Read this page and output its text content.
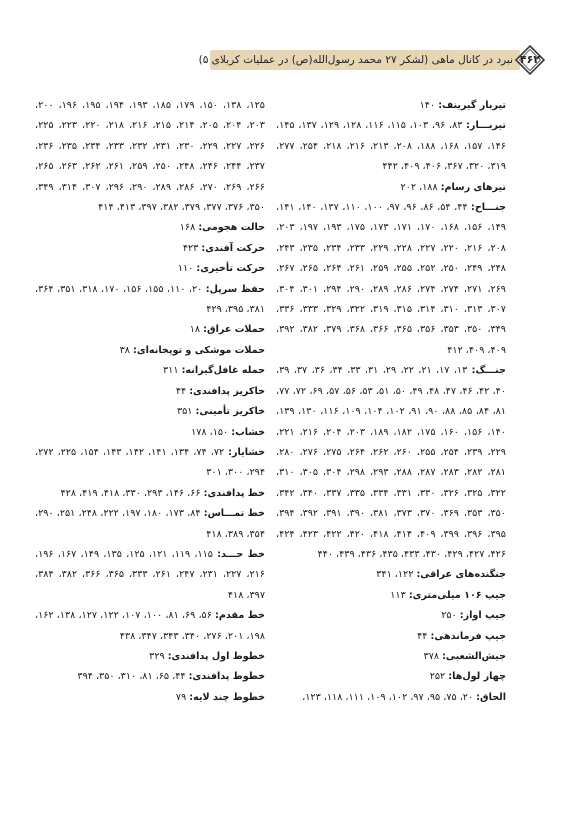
نبرد در کانال ماهی (لشکر ۲۷ محمد رسول‌الله(ص) در عملیات کربلای ۵) ۴۶۲
تیربار گیرینف: ۱۴۰
تیربـــار: ۸۳، ۹۶، ۱۰۳، ۱۱۵، ۱۱۶، ۱۲۸، ۱۲۹، ۱۳۷، ۱۴۵، ۱۴۶، ۱۵۷، ۱۶۸، ۱۸۸، ۲۰۸، ۲۱۳، ۲۱۶، ۲۱۸، ۲۵۴، ۲۷۷، ۳۱۹، ۳۲۰، ۳۶۷، ۴۰۶، ۴۰۹، ۴۴۲
تیرهای رسام: ۱۸۸، ۲۰۲
جنـــاح: ۴۴، ۵۴، ۸۶، ۹۶، ۹۷، ۱۰۰، ۱۱۰، ۱۳۷، ۱۴۰، ۱۴۱، ۱۴۹، ۱۵۶، ۱۶۸، ۱۷۰، ۱۷۱، ۱۷۳، ۱۷۵، ۱۹۳، ۱۹۷، ۲۰۳، ۲۰۸، ۲۱۶، ۲۲۰، ۲۲۷، ۲۲۸، ۲۲۹، ۲۳۳، ۲۳۴، ۲۳۵، ۲۴۳، ۲۴۸، ۲۴۹، ۲۵۰، ۲۵۲، ۲۵۵، ۲۵۹، ۲۶۱، ۲۶۴، ۲۶۵، ۲۶۷، ۲۶۹، ۲۷۱، ۲۷۴، ۲۷۴، ۲۸۶، ۲۸۹، ۲۹۰، ۲۹۴، ۳۰۱، ۳۰۴، ۳۰۷، ۳۱۳، ۳۱۰، ۳۱۴، ۳۱۵، ۳۱۹، ۳۲۲، ۳۲۹، ۳۳۳، ۳۳۶، ۳۴۹، ۳۵۰، ۳۵۳، ۳۵۶، ۳۶۵، ۳۶۶، ۳۶۸، ۳۷۹، ۳۸۲، ۳۹۲، ۴۰۹، ۴۰۹، ۴۱۲
جنـــگ: ۱۳، ۱۷، ۲۱، ۲۲، ۲۹، ۳۱، ۳۳، ۳۴، ۳۶، ۳۷، ۳۹، ۴۰، ۴۲، ۴۶، ۴۷، ۴۸، ۴۹، ۵۰، ۵۱، ۵۳، ۵۶، ۵۷، ۶۹، ۷۲، ۷۷، ۸۱، ۸۴، ۸۵، ۸۸، ۹۰، ۹۱، ۱۰۲، ۱۰۴، ۱۰۹، ۱۱۶، ۱۳۰، ۱۳۹، ۱۴۰، ۱۵۶، ۱۶۰، ۱۷۵، ۱۸۲، ۱۸۹، ۲۰۳، ۲۰۴، ۲۱۶، ۲۲۱، ۲۲۹، ۲۳۹، ۲۵۴، ۲۵۵، ۲۶۰، ۲۶۲، ۲۶۴، ۲۷۵، ۲۷۶، ۲۸۰، ۲۸۱، ۲۸۲، ۲۸۳، ۲۸۷، ۲۸۸، ۲۹۳، ۲۹۸، ۳۰۴، ۳۰۵، ۳۱۰، ۳۲۲، ۳۲۵، ۳۲۶، ۳۳۰، ۳۳۱، ۳۳۴، ۳۳۵، ۳۳۷، ۳۴۰، ۳۴۲، ۳۵۰، ۳۵۳، ۳۶۹، ۳۷۰، ۳۷۳، ۳۸۱، ۳۹۰، ۳۹۱، ۳۹۲، ۳۹۴، ۳۹۵، ۳۹۶، ۳۹۹، ۴۰۹، ۴۱۴، ۴۱۸، ۴۲۰، ۴۲۲، ۴۲۳، ۴۲۴، ۴۲۶، ۴۲۷، ۴۲۹، ۴۳۰، ۴۳۳، ۴۳۵، ۴۳۶، ۴۳۹، ۴۴۰
جنگنده‌های عراقی: ۱۲۲، ۳۴۱
جیپ ۱۰۶ میلی‌متری: ۱۱۳
جیپ اواز: ۲۵۰
جیپ فرماندهی: ۴۴
جیش‌الشعبی: ۳۷۸
چهار لول‌ها: ۲۵۲
الحاق: ۲۰، ۷۵، ۹۵، ۹۷، ۱۰۲، ۱۰۹، ۱۱۱، ۱۱۸، ۱۲۳،
۱۲۵، ۱۳۸، ۱۵۰، ۱۷۹، ۱۸۵، ۱۹۳، ۱۹۴، ۱۹۵، ۱۹۶، ۲۰۰، ۲۰۳، ۲۰۴، ۲۰۵، ۲۱۴، ۲۱۵، ۲۱۶، ۲۱۸، ۲۲۰، ۲۲۳، ۲۲۵، ۲۲۶، ۲۲۷، ۲۲۹، ۲۳۰، ۲۳۱، ۲۳۲، ۲۳۳، ۲۳۴، ۲۳۵، ۲۳۶، ۲۳۷، ۲۴۴، ۲۴۶، ۲۴۸، ۲۵۰، ۲۵۹، ۲۶۱، ۲۶۲، ۲۶۳، ۲۶۵، ۲۶۶، ۲۶۹، ۲۷۰، ۲۸۶، ۲۸۹، ۲۹۰، ۲۹۶، ۳۰۷، ۳۱۴، ۳۴۹، ۳۵۰، ۳۷۶، ۳۷۷، ۳۷۹، ۳۸۲، ۳۹۷، ۴۱۳، ۴۱۴
حالت هجومی: ۱۶۸
حرکت آفندی: ۴۲۳
حرکت تأخیری: ۱۱۰
حفظ سرپل: ۲۰، ۱۱۰، ۱۵۵، ۱۵۶، ۱۷۰، ۳۱۸، ۳۵۱، ۳۶۴، ۳۸۱، ۳۹۵، ۴۲۹
حملات عراق: ۱۸
حملات موشکی و توپخانه‌ای: ۳۸
حمله غافل‌گیرانه: ۳۱۱
خاکریز پدافندی: ۴۴
خاکریز تأمینی: ۳۵۱
خشاب: ۱۵۰، ۱۷۸
خشایار: ۷۲، ۷۴، ۱۳۴، ۱۴۱، ۱۴۲، ۱۴۳، ۱۵۴، ۲۲۵، ۲۷۲، ۲۹۴، ۳۰۰، ۳۰۱
خط پدافندی: ۶۶، ۱۴۶، ۲۹۳، ۳۳۰، ۴۱۸، ۴۱۹، ۴۲۸
خط تمـــاس: ۸۴، ۱۷۳، ۱۸۰، ۱۹۷، ۲۲۲، ۲۴۸، ۲۵۱، ۲۹۰، ۳۵۴، ۳۸۹، ۴۱۸
خط حـــد: ۱۱۵، ۱۱۹، ۱۲۱، ۱۲۵، ۱۳۵، ۱۴۹، ۱۶۷، ۱۹۶، ۲۱۶، ۲۲۷، ۲۳۱، ۲۴۷، ۲۶۱، ۳۳۳، ۳۶۵، ۳۶۶، ۳۸۲، ۳۸۴، ۳۹۷، ۴۱۸
خط مقدم: ۵۶، ۶۹، ۸۱، ۱۰۰، ۱۰۷، ۱۲۲، ۱۲۷، ۱۳۸، ۱۶۲، ۱۹۸، ۲۰۱، ۲۷۶، ۳۴۰، ۳۴۳، ۳۴۷، ۴۳۸
خطوط اول پدافندی: ۳۲۹
خطوط پدافندی: ۴۴، ۶۵، ۸۱، ۳۱۰، ۳۵۰، ۳۹۴
خطوط چند لایه: ۷۹
